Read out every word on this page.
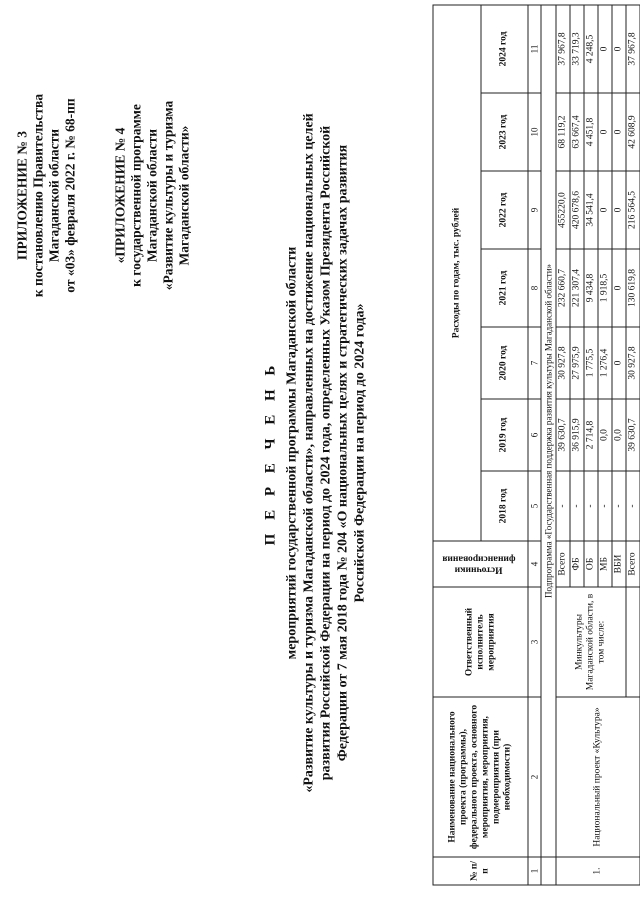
ПРИЛОЖЕНИЕ № 3 к постановлению Правительства Магаданской области от «03» февраля 2022 г. № 68-пп	«ПРИЛОЖЕНИЕ № 4 к государственной программе Магаданской области «Развитие культуры и туризма Магаданской области»
П Е Р Е Ч Е Н Ь мероприятий государственной программы Магаданской области «Развитие культуры и туризма Магаданской области», направленных на достижение национальных целей развития Российской Федерации на период до 2024 года, определенных Указом Президента Российской Федерации от 7 мая 2018 года № 204 «О национальных целях и стратегических задачах развития Российской Федерации на период до 2024 года»
№ п/п	Наименование национального проекта (программы), федерального проекта, основного мероприятия, мероприятия, подмероприятия (при необходимости)	Ответственный исполнитель мероприятия	Источники финансирования	Расходы по годам, тыс. рублей						
				2018 год	2019 год	2020 год	2021 год	2022 год	2023 год	2024 год
1	2	3	4	5	6	7	8	9	10	11
	Подпрограмма «Государственная поддержка развития культуры Магаданской области»									
1.	Национальный проект «Культура»	Минкультуры Магаданской области, в том числе:	Всего	-	39 630,7	30 927,8	232 660,7	455220,0	68 119,2	37 967,8
			ФБ	-	36 915,9	27 975,9	221 307,4	420 678,6	63 667,4	33 719,3
			ОБ	-	2 714,8	1 775,5	9 434,8	34 541,4	4 451,8	4 248,5
			МБ	-	0,0	1 276,4	1 918,5	0	0	0
			ВБИ	-	0,0	0	0	0	0	0
			Всего	-	39 630,7	30 927,8	130 619,8	216 564,5	42 608,9	37 967,8
